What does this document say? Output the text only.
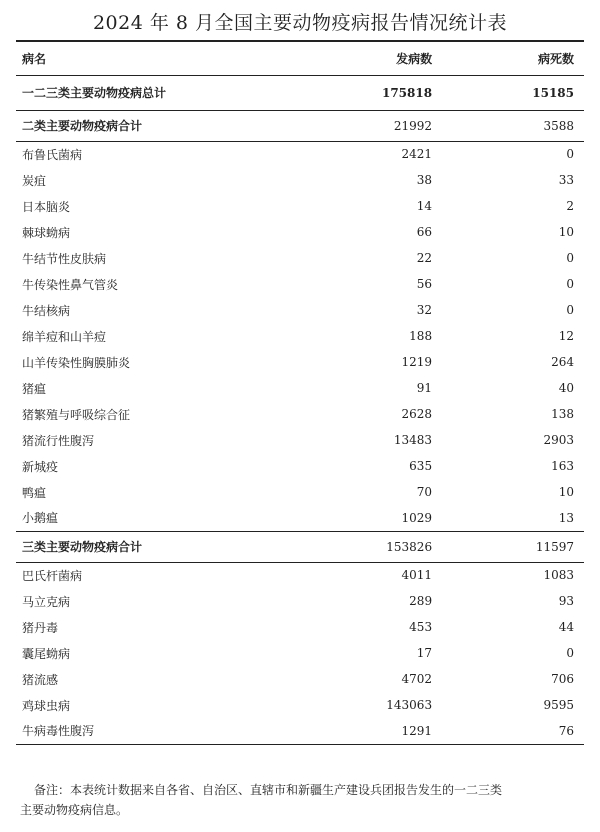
2024 年 8 月全国主要动物疫病报告情况统计表
病名	发病数	病死数
一二三类主要动物疫病总计	175818	15185
二类主要动物疫病合计	21992	3588
布鲁氏菌病	2421	0
炭疽	38	33
日本脑炎	14	2
棘球蚴病	66	10
牛结节性皮肤病	22	0
牛传染性鼻气管炎	56	0
牛结核病	32	0
绵羊痘和山羊痘	188	12
山羊传染性胸膜肺炎	1219	264
猪瘟	91	40
猪繁殖与呼吸综合征	2628	138
猪流行性腹泻	13483	2903
新城疫	635	163
鸭瘟	70	10
小鹅瘟	1029	13
三类主要动物疫病合计	153826	11597
巴氏杆菌病	4011	1083
马立克病	289	93
猪丹毒	453	44
囊尾蚴病	17	0
猪流感	4702	706
鸡球虫病	143063	9595
牛病毒性腹泻	1291	76
备注：本表统计数据来自各省、自治区、直辖市和新疆生产建设兵团报告发生的一二三类
主要动物疫病信息。
